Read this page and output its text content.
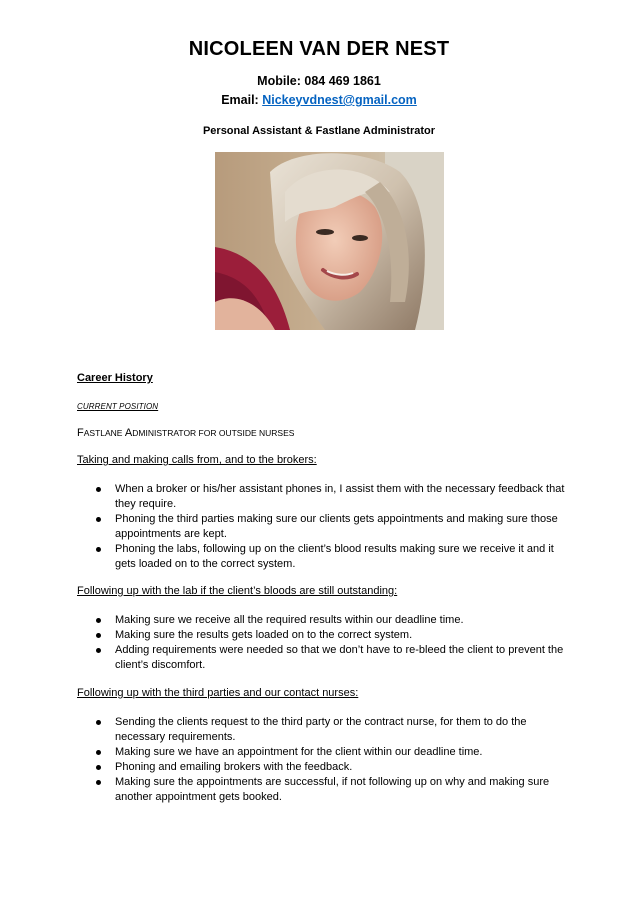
NICOLEEN VAN DER NEST
Mobile: 084 469 1861
Email: Nickeyvdnest@gmail.com
Personal Assistant & Fastlane Administrator
Career History
CURRENT POSITION
FASTLANE ADMINISTRATOR FOR OUTSIDE NURSES
Taking and making calls from, and to the brokers:
When a broker or his/her assistant phones in, I assist them with the necessary feedback that they require.
Phoning the third parties making sure our clients gets appointments and making sure those appointments are kept.
Phoning the labs, following up on the client’s blood results making sure we receive it and it gets loaded on to the correct system.
Following up with the lab if the client’s bloods are still outstanding:
Making sure we receive all the required results within our deadline time.
Making sure the results gets loaded on to the correct system.
Adding requirements were needed so that we don’t have to re-bleed the client to prevent the client’s discomfort.
Following up with the third parties and our contact nurses:
Sending the clients request to the third party or the contract nurse, for them to do the necessary requirements.
Making sure we have an appointment for the client within our deadline time.
Phoning and emailing brokers with the feedback.
Making sure the appointments are successful, if not following up on why and making sure another appointment gets booked.
